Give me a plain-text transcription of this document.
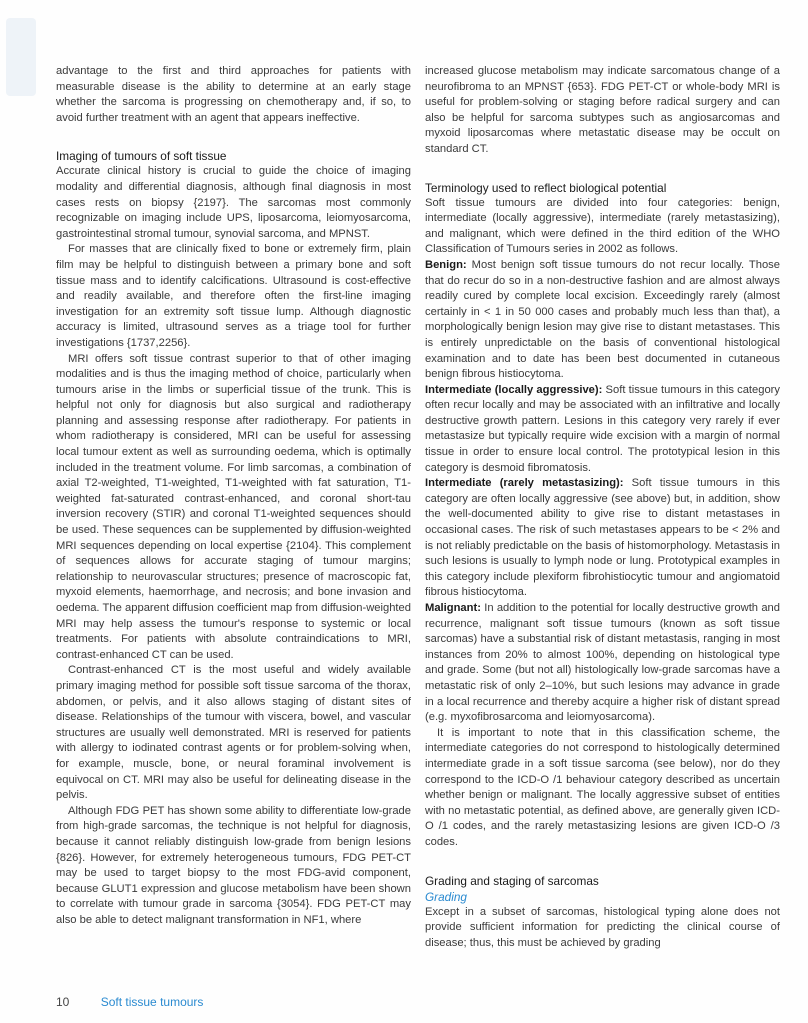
advantage to the first and third approaches for patients with measurable disease is the ability to determine at an early stage whether the sarcoma is progressing on chemotherapy and, if so, to avoid further treatment with an agent that appears ineffective.

Imaging of tumours of soft tissue

Accurate clinical history is crucial to guide the choice of imaging modality and differential diagnosis, although final diagnosis in most cases rests on biopsy {2197}. The sarcomas most commonly recognizable on imaging include UPS, liposarcoma, leiomyosarcoma, gastrointestinal stromal tumour, synovial sarcoma, and MPNST.

For masses that are clinically fixed to bone or extremely firm, plain film may be helpful to distinguish between a primary bone and soft tissue mass and to identify calcifications. Ultrasound is cost-effective and readily available, and therefore often the first-line imaging investigation for an extremity soft tissue lump. Although diagnostic accuracy is limited, ultrasound serves as a triage tool for further investigations {1737,2256}.

MRI offers soft tissue contrast superior to that of other imaging modalities and is thus the imaging method of choice, particularly when tumours arise in the limbs or superficial tissue of the trunk. This is helpful not only for diagnosis but also surgical and radiotherapy planning and assessing response after radiotherapy. For patients in whom radiotherapy is considered, MRI can be useful for assessing local tumour extent as well as surrounding oedema, which is optimally included in the treatment volume. For limb sarcomas, a combination of axial T2-weighted, T1-weighted, T1-weighted with fat saturation, T1-weighted fat-saturated contrast-enhanced, and coronal short-tau inversion recovery (STIR) and coronal T1-weighted sequences should be used. These sequences can be supplemented by diffusion-weighted MRI sequences depending on local expertise {2104}. This complement of sequences allows for accurate staging of tumour margins; relationship to neurovascular structures; presence of macroscopic fat, myxoid elements, haemorrhage, and necrosis; and bone invasion and oedema. The apparent diffusion coefficient map from diffusion-weighted MRI may help assess the tumour's response to systemic or local treatments. For patients with absolute contraindications to MRI, contrast-enhanced CT can be used.

Contrast-enhanced CT is the most useful and widely available primary imaging method for possible soft tissue sarcoma of the thorax, abdomen, or pelvis, and it also allows staging of distant sites of disease. Relationships of the tumour with viscera, bowel, and vascular structures are usually well demonstrated. MRI is reserved for patients with allergy to iodinated contrast agents or for problem-solving when, for example, muscle, bone, or neural foraminal involvement is equivocal on CT. MRI may also be useful for delineating disease in the pelvis.

Although FDG PET has shown some ability to differentiate low-grade from high-grade sarcomas, the technique is not helpful for diagnosis, because it cannot reliably distinguish low-grade from benign lesions {826}. However, for extremely heterogeneous tumours, FDG PET-CT may be used to target biopsy to the most FDG-avid component, because GLUT1 expression and glucose metabolism have been shown to correlate with tumour grade in sarcoma {3054}. FDG PET-CT may also be able to detect malignant transformation in NF1, where

increased glucose metabolism may indicate sarcomatous change of a neurofibroma to an MPNST {653}. FDG PET-CT or whole-body MRI is useful for problem-solving or staging before radical surgery and can also be helpful for sarcoma subtypes such as angiosarcomas and myxoid liposarcomas where metastatic disease may be occult on standard CT.

Terminology used to reflect biological potential

Soft tissue tumours are divided into four categories: benign, intermediate (locally aggressive), intermediate (rarely metastasizing), and malignant, which were defined in the third edition of the WHO Classification of Tumours series in 2002 as follows.

Benign: Most benign soft tissue tumours do not recur locally. Those that do recur do so in a non-destructive fashion and are almost always readily cured by complete local excision. Exceedingly rarely (almost certainly in < 1 in 50 000 cases and probably much less than that), a morphologically benign lesion may give rise to distant metastases. This is entirely unpredictable on the basis of conventional histological examination and to date has been best documented in cutaneous benign fibrous histiocytoma.

Intermediate (locally aggressive): Soft tissue tumours in this category often recur locally and may be associated with an infiltrative and locally destructive growth pattern. Lesions in this category very rarely if ever metastasize but typically require wide excision with a margin of normal tissue in order to ensure local control. The prototypical lesion in this category is desmoid fibromatosis.

Intermediate (rarely metastasizing): Soft tissue tumours in this category are often locally aggressive (see above) but, in addition, show the well-documented ability to give rise to distant metastases in occasional cases. The risk of such metastases appears to be < 2% and is not reliably predictable on the basis of histomorphology. Metastasis in such lesions is usually to lymph node or lung. Prototypical examples in this category include plexiform fibrohistiocytic tumour and angiomatoid fibrous histiocytoma.

Malignant: In addition to the potential for locally destructive growth and recurrence, malignant soft tissue tumours (known as soft tissue sarcomas) have a substantial risk of distant metastasis, ranging in most instances from 20% to almost 100%, depending on histological type and grade. Some (but not all) histologically low-grade sarcomas have a metastatic risk of only 2–10%, but such lesions may advance in grade in a local recurrence and thereby acquire a higher risk of distant spread (e.g. myxofibrosarcoma and leiomyosarcoma).

It is important to note that in this classification scheme, the intermediate categories do not correspond to histologically determined intermediate grade in a soft tissue sarcoma (see below), nor do they correspond to the ICD-O /1 behaviour category described as uncertain whether benign or malignant. The locally aggressive subset of entities with no metastatic potential, as defined above, are generally given ICD-O /1 codes, and the rarely metastasizing lesions are given ICD-O /3 codes.

Grading and staging of sarcomas
Grading

Except in a subset of sarcomas, histological typing alone does not provide sufficient information for predicting the clinical course of disease; thus, this must be achieved by grading

10	Soft tissue tumours
